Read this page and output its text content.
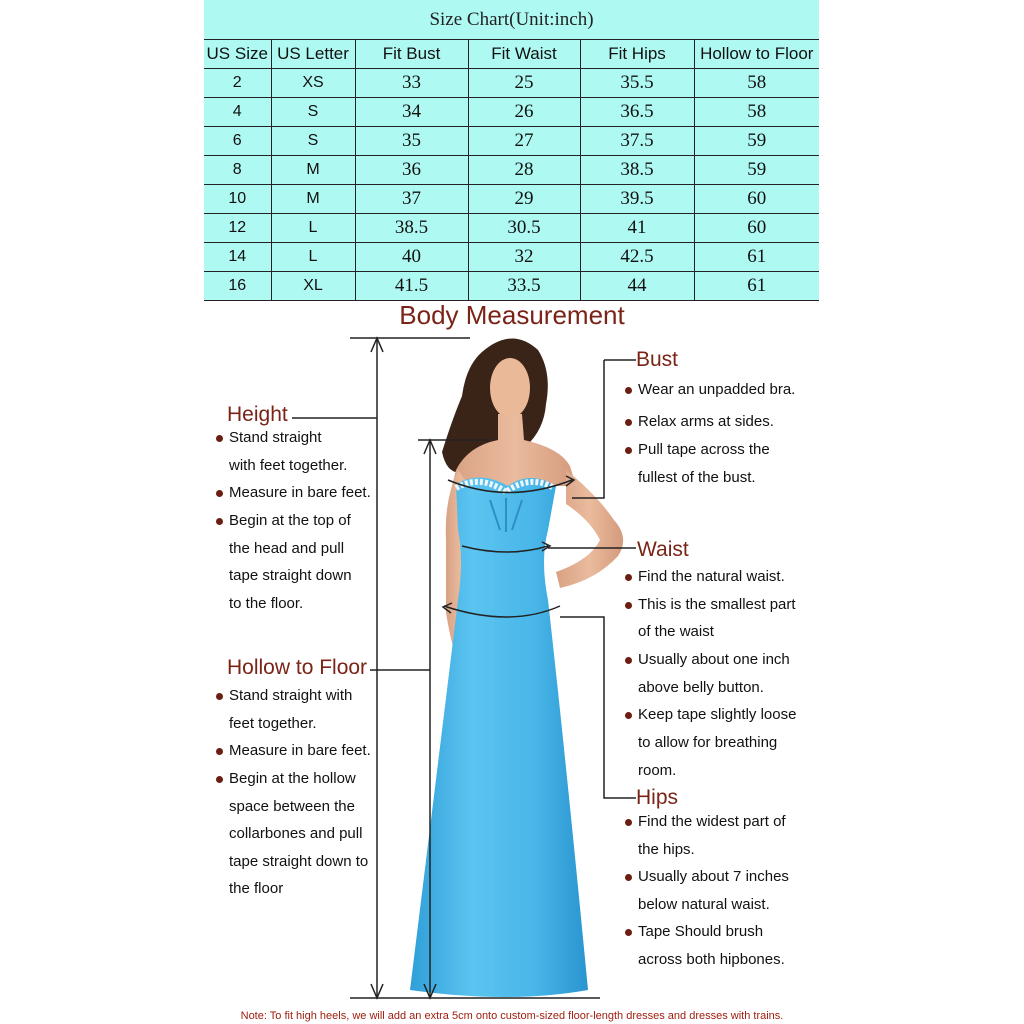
Size Chart(Unit:inch)
US Size	US Letter	Fit Bust	Fit Waist	Fit Hips	Hollow to Floor
2	XS	33	25	35.5	58
4	S	34	26	36.5	58
6	S	35	27	37.5	59
8	M	36	28	38.5	59
10	M	37	29	39.5	60
12	L	38.5	30.5	41	60
14	L	40	32	42.5	61
16	XL	41.5	33.5	44	61
Body Measurement
Height
Stand straight
with feet together.
Measure in bare feet.
Begin at the top of
the head and pull
tape straight down
to the floor.
Hollow to Floor
Stand straight with
feet together.
Measure in bare feet.
Begin at the hollow
space between the
collarbones and pull
tape straight down to
the floor
Bust
Wear an unpadded bra.
Relax arms at sides.
Pull tape across the
fullest of the bust.
Waist
Find the natural waist.
This is the smallest part
of the waist
Usually about one inch
above belly button.
Keep tape slightly loose
to allow for breathing
room.
Hips
Find the widest part of
the hips.
Usually about 7 inches
below natural waist.
Tape Should brush
across both hipbones.
Note: To fit high heels, we will add an extra 5cm onto custom-sized floor-length dresses and dresses with trains.
